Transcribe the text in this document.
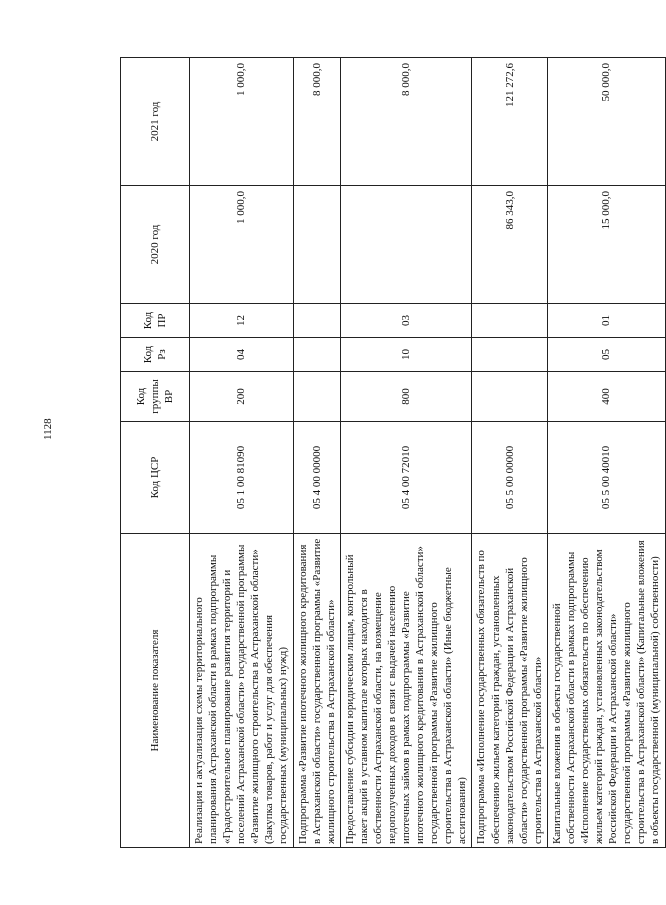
1128
Наименование показателя	Код ЦСР	Код группы ВР	Код Рз	Код ПР	2020 год	2021 год
Реализация и актуализация схемы территориального планирования Астраханской области в рамках подпрограммы «Градостроительное планирование развития территорий и поселений Астраханской области» государственной программы «Развитие жилищного строительства в Астраханской области» (Закупка товаров, работ и услуг для обеспечения государственных (муниципальных) нужд)	05 1 00 81090	200	04	12	1 000,0	1 000,0
Подпрограмма «Развитие ипотечного жилищного кредитования в Астраханской области» государственной программы «Развитие жилищного строительства в Астраханской области»	05 4 00 00000					8 000,0
Предоставление субсидии юридическим лицам, контрольный пакет акций в уставном капитале которых находится в собственности Астраханской области, на возмещение недополученных доходов в связи с выдачей населению ипотечных займов в рамках подпрограммы «Развитие ипотечного жилищного кредитования в Астраханской области» государственной программы «Развитие жилищного строительства в Астраханской области» (Иные бюджетные ассигнования)	05 4 00 72010	800	10	03		8 000,0
Подпрограмма «Исполнение государственных обязательств по обеспечению жильем категорий граждан, установленных законодательством Российской Федерации и Астраханской области» государственной программы «Развитие жилищного строительства в Астраханской области»	05 5 00 00000				86 343,0	121 272,6
Капитальные вложения в объекты государственной собственности Астраханской области в рамках подпрограммы «Исполнение государственных обязательств по обеспечению жильем категорий граждан, установленных законодательством Российской Федерации и Астраханской области» государственной программы «Развитие жилищного строительства в Астраханской области» (Капитальные вложения в объекты государственной (муниципальной) собственности)	05 5 00 40010	400	05	01	15 000,0	50 000,0
